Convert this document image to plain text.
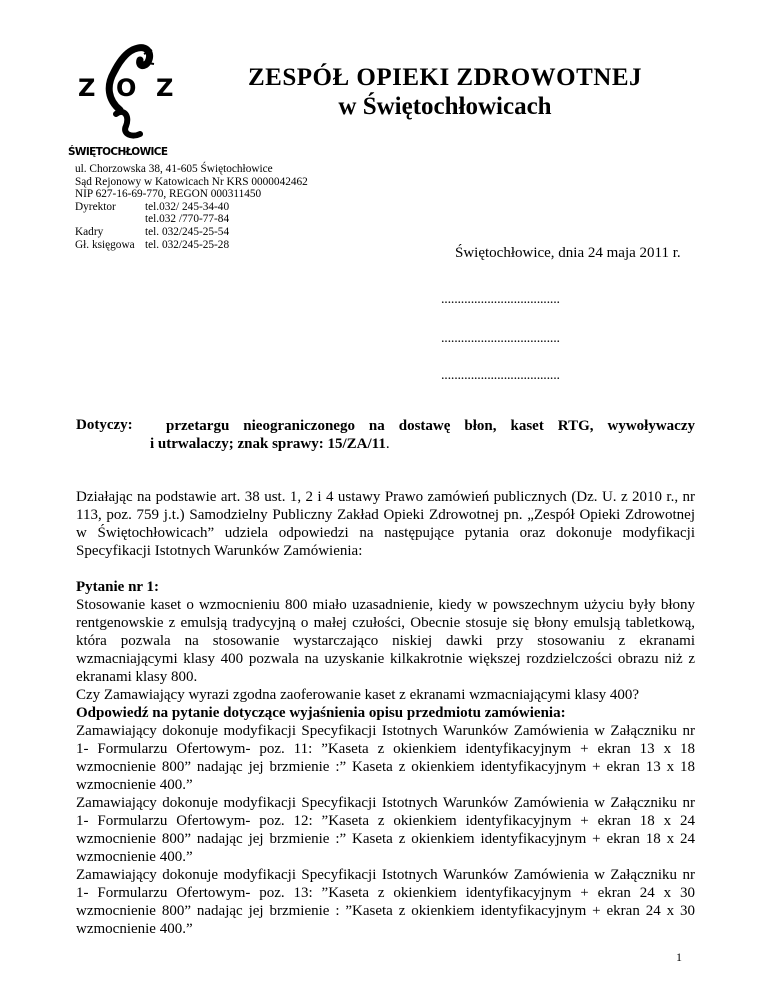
Z O Z
ŚWIĘTOCHŁOWICE
ZESPÓŁ OPIEKI ZDROWOTNEJ
w Świętochłowicach
ul. Chorzowska 38, 41-605 Świętochłowice
Sąd Rejonowy w Katowicach Nr KRS 0000042462
NIP 627-16-69-770, REGON 000311450
Dyrektor	tel.032/ 245-34-40
tel.032 /770-77-84
Kadry	tel. 032/245-25-54
Gł. księgowa tel. 032/245-25-28
Świętochłowice, dnia 24 maja 2011 r.
....................................
....................................
....................................
Dotyczy:	przetargu nieograniczonego na dostawę błon, kaset RTG, wywoływaczy
i utrwalaczy; znak sprawy: 15/ZA/11.

Działając na podstawie art. 38 ust. 1, 2 i 4 ustawy Prawo zamówień publicznych (Dz. U. z 2010 r., nr 113, poz. 759 j.t.) Samodzielny Publiczny Zakład Opieki Zdrowotnej pn. „Zespół Opieki Zdrowotnej w Świętochłowicach” udziela odpowiedzi na następujące pytania oraz dokonuje modyfikacji Specyfikacji Istotnych Warunków Zamówienia:

Pytanie nr 1:

Stosowanie kaset o wzmocnieniu 800 miało uzasadnienie, kiedy w powszechnym użyciu były błony rentgenowskie z emulsją tradycyjną o małej czułości, Obecnie stosuje się błony emulsją tabletkową, która pozwala na stosowanie wystarczająco niskiej dawki przy stosowaniu z ekranami wzmacniającymi klasy 400 pozwala na uzyskanie kilkakrotnie większej rozdzielczości obrazu niż z ekranami klasy 800.

Czy Zamawiający wyrazi zgodna zaoferowanie kaset z ekranami wzmacniającymi klasy 400?

Odpowiedź na pytanie dotyczące wyjaśnienia opisu przedmiotu zamówienia:

Zamawiający dokonuje modyfikacji Specyfikacji Istotnych Warunków Zamówienia w Załączniku nr 1- Formularzu Ofertowym- poz. 11: ”Kaseta z okienkiem identyfikacyjnym + ekran 13 x 18 wzmocnienie 800” nadając jej brzmienie :” Kaseta z okienkiem identyfikacyjnym + ekran 13 x 18 wzmocnienie 400.”

Zamawiający dokonuje modyfikacji Specyfikacji Istotnych Warunków Zamówienia w Załączniku nr 1- Formularzu Ofertowym- poz. 12: ”Kaseta z okienkiem identyfikacyjnym + ekran 18 x 24 wzmocnienie 800” nadając jej brzmienie :” Kaseta z okienkiem identyfikacyjnym + ekran 18 x 24 wzmocnienie 400.”

Zamawiający dokonuje modyfikacji Specyfikacji Istotnych Warunków Zamówienia w Załączniku nr 1- Formularzu Ofertowym- poz. 13: ”Kaseta z okienkiem identyfikacyjnym + ekran 24 x 30 wzmocnienie 800” nadając jej brzmienie : ”Kaseta z okienkiem identyfikacyjnym + ekran 24 x 30 wzmocnienie 400.”

1
